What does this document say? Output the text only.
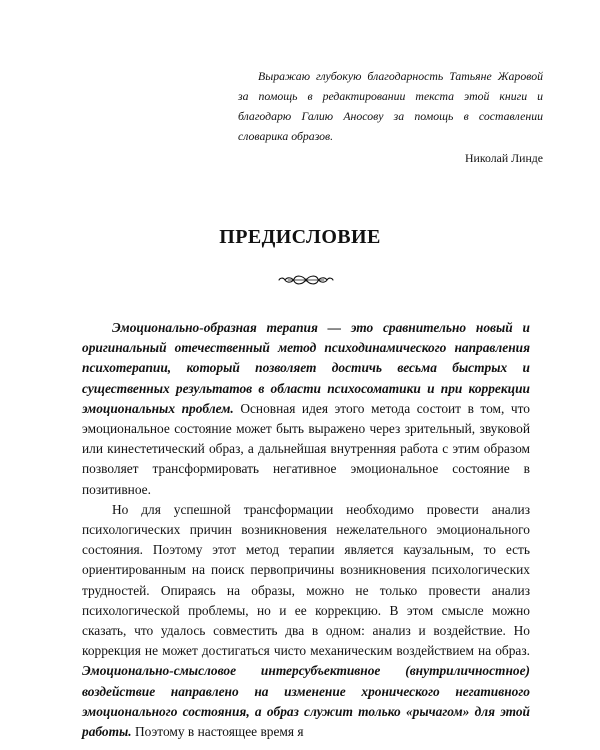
Выражаю глубокую благодарность Татьяне Жаровой за помощь в редактировании текста этой книги и благодарю Галию Аносову за помощь в составлении словарика образов.

Николай Линде

ПРЕДИСЛОВИЕ

Эмоционально-образная терапия — это сравнительно новый и оригинальный отечественный метод психодинамического направления психотерапии, который позволяет достичь весьма быстрых и существенных результатов в области психосоматики и при коррекции эмоциональных проблем. Основная идея этого метода состоит в том, что эмоциональное состояние может быть выражено через зрительный, звуковой или кинестетический образ, а дальнейшая внутренняя работа с этим образом позволяет трансформировать негативное эмоциональное состояние в позитивное.

Но для успешной трансформации необходимо провести анализ психологических причин возникновения нежелательного эмоционального состояния. Поэтому этот метод терапии является каузальным, то есть ориентированным на поиск первопричины возникновения психологических трудностей. Опираясь на образы, можно не только провести анализ психологической проблемы, но и ее коррекцию. В этом смысле можно сказать, что удалось совместить два в одном: анализ и воздействие. Но коррекция не может достигаться чисто механическим воздействием на образ. Эмоционально-смысловое интерсубъективное (внутриличностное) воздействие направлено на изменение хронического негативного эмоционального состояния, а образ служит только «рычагом» для этой работы. Поэтому в настоящее время я
